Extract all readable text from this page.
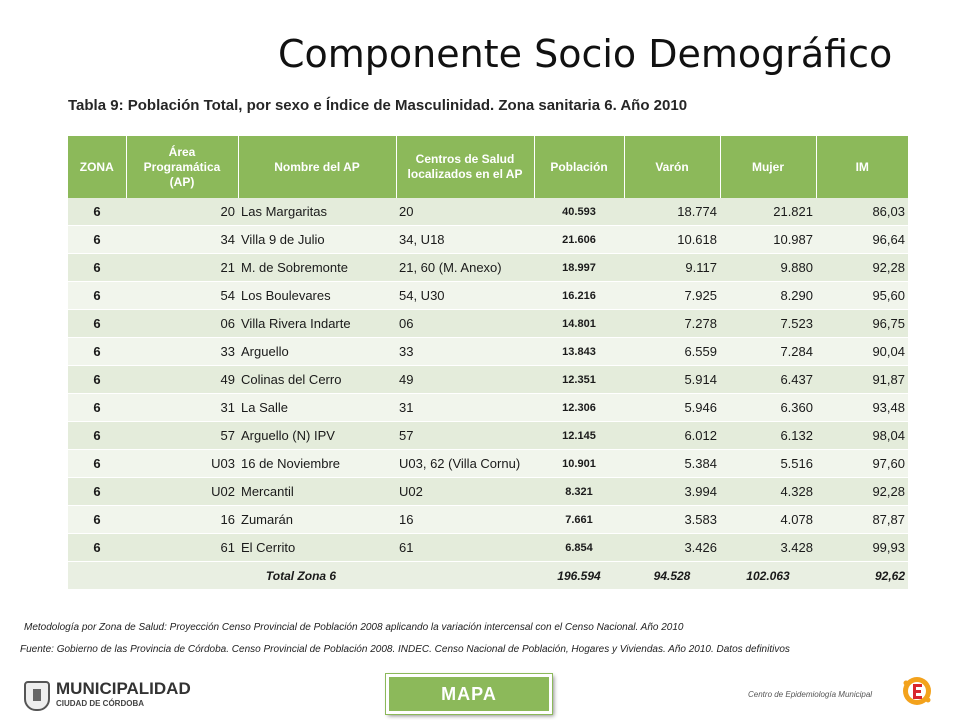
Componente Socio Demográfico
Tabla 9: Población Total, por sexo e Índice de Masculinidad. Zona sanitaria 6. Año 2010
ZONA	Área Programática (AP)	Nombre del AP	Centros de Salud localizados en el AP	Población	Varón	Mujer	IM
6	20	Las Margaritas	20	40.593	18.774	21.821	86,03
6	34	Villa 9 de Julio	34, U18	21.606	10.618	10.987	96,64
6	21	M. de Sobremonte	21, 60 (M. Anexo)	18.997	9.117	9.880	92,28
6	54	Los Boulevares	54, U30	16.216	7.925	8.290	95,60
6	06	Villa Rivera Indarte	06	14.801	7.278	7.523	96,75
6	33	Arguello	33	13.843	6.559	7.284	90,04
6	49	Colinas del Cerro	49	12.351	5.914	6.437	91,87
6	31	La Salle	31	12.306	5.946	6.360	93,48
6	57	Arguello (N) IPV	57	12.145	6.012	6.132	98,04
6	U03	16 de Noviembre	U03, 62 (Villa Cornu)	10.901	5.384	5.516	97,60
6	U02	Mercantil	U02	8.321	3.994	4.328	92,28
6	16	Zumarán	16	7.661	3.583	4.078	87,87
6	61	El Cerrito	61	6.854	3.426	3.428	99,93
Total Zona 6				196.594	94.528	102.063	92,62
Metodología por Zona de Salud: Proyección Censo Provincial de Población 2008 aplicando la variación intercensal con el Censo Nacional. Año 2010
Fuente: Gobierno de las Provincia de Córdoba. Censo Provincial de Población 2008. INDEC. Censo Nacional de Población, Hogares y Viviendas. Año 2010. Datos definitivos
MUNICIPALIDAD
CIUDAD DE CÓRDOBA	MAPA	Centro de Epidemiología Municipal
